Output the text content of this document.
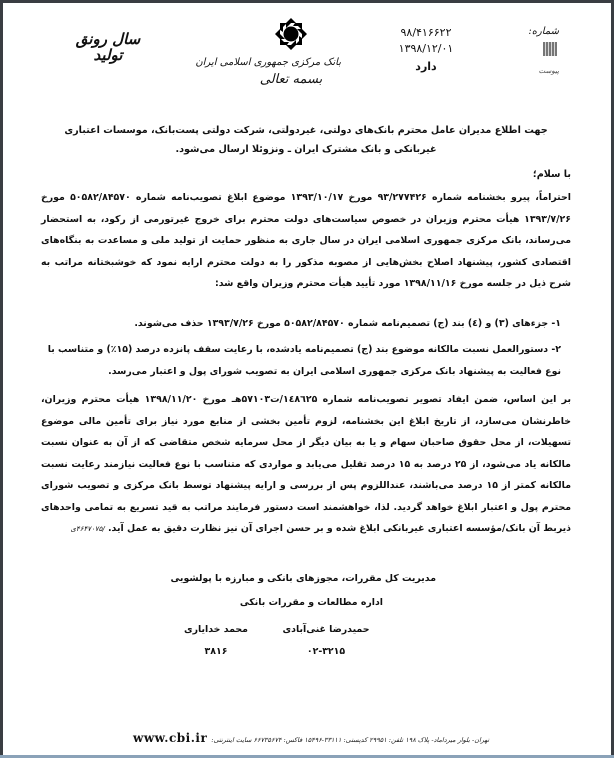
شماره:
پیوست
۹۸/۴۱۶۶۲۲
۱۳۹۸/۱۲/۰۱
دارد
بانک مرکزی جمهوری اسلامی ایران
بسمه تعالی
سال رونق
تولید
جهت اطلاع مدیران عامل محترم بانک‌های دولتی، غیردولتی، شرکت دولتی پست‌بانک، موسسات اعتباری
غیربانکی و بانک مشترک ایران ـ ونزوئلا ارسال می‌شود.
با سلام؛
احتراماً، پیرو بخشنامه شماره ۹۳/۲۷۷۴۲۶ مورخ ۱۳۹۳/۱۰/۱۷ موضوع ابلاغ تصویب‌نامه شماره ۵۰۵۸۲/۸۴۵۷۰ مورخ ۱۳۹۳/۷/۲۶ هیأت محترم وزیران در خصوص سیاست‌های دولت محترم برای خروج غیرتورمی از رکود، به استحضار می‌رساند، بانک مرکزی جمهوری اسلامی ایران در سال جاری به منظور حمایت از تولید ملی و مساعدت به بنگاه‌های اقتصادی کشور، پیشنهاد اصلاح بخش‌هایی از مصوبه مذکور را به دولت محترم ارایه نمود که خوشبختانه مراتب به شرح ذیل در جلسه مورخ ۱۳۹۸/۱۱/۱۶ مورد تأیید هیأت محترم وزیران واقع شد:
۱- جزءهای (۳) و (٤) بند (ج) تصمیم‌نامه شماره ۵۰۵۸۲/۸۴۵۷۰ مورخ ۱۳۹۳/۷/۲۶ حذف می‌شوند.
۲- دستورالعمل نسبت مالکانه موضوع بند (ج) تصمیم‌نامه یادشده، با رعایت سقف پانزده درصد (۱۵٪) و متناسب با نوع فعالیت به پیشنهاد بانک مرکزی جمهوری اسلامی ایران به تصویب شورای پول و اعتبار می‌رسد.
بر این اساس، ضمن ایفاد تصویر تصویب‌نامه شماره ۱٤۸٦۲۵/ت۵۷۱۰۳هـ مورخ ۱۳۹۸/۱۱/۲۰ هیأت محترم وزیران، خاطرنشان می‌سازد، از تاریخ ابلاغ این بخشنامه، لزوم تأمین بخشی از منابع مورد نیاز برای تأمین مالی موضوع تسهیلات، از محل حقوق صاحبان سهام و یا به بیان دیگر از محل سرمایه شخص متقاضی که از آن به عنوان نسبت مالکانه یاد می‌شود، از ۲۵ درصد به ۱۵ درصد تقلیل می‌یابد و مواردی که متناسب با نوع فعالیت نیازمند رعایت نسبت مالکانه کمتر از ۱۵ درصد می‌باشند، عنداللزوم پس از بررسی و ارایه پیشنهاد توسط بانک مرکزی و تصویب شورای محترم پول و اعتبار ابلاغ خواهد گردید. لذا، خواهشمند است دستور فرمایند مراتب به قید تسریع به تمامی واحدهای ذیربط آن بانک/مؤسسه اعتباری غیربانکی ابلاغ شده و بر حسن اجرای آن نیز نظارت دقیق به عمل آید. /۴۶۴۷۰۷۵ی
مدیریت کل مقررات، مجوزهای بانکی و مبارزه با پولشویی
اداره مطالعات و مقررات بانکی
حمیدرضا غنی‌آبادی
۰۲-۳۲۱۵
محمد خدایاری
۳۸۱۶
www.cbi.ir تهران- بلوار میرداماد- پلاک ۱۹۸ تلفن: ۲۹۹۵۱ کدپستی: ۳۳۱۱۱-۱۵۴۹۶ فاکس: ۶۶۷۳۵۶۷۴ سایت اینترنتی:
